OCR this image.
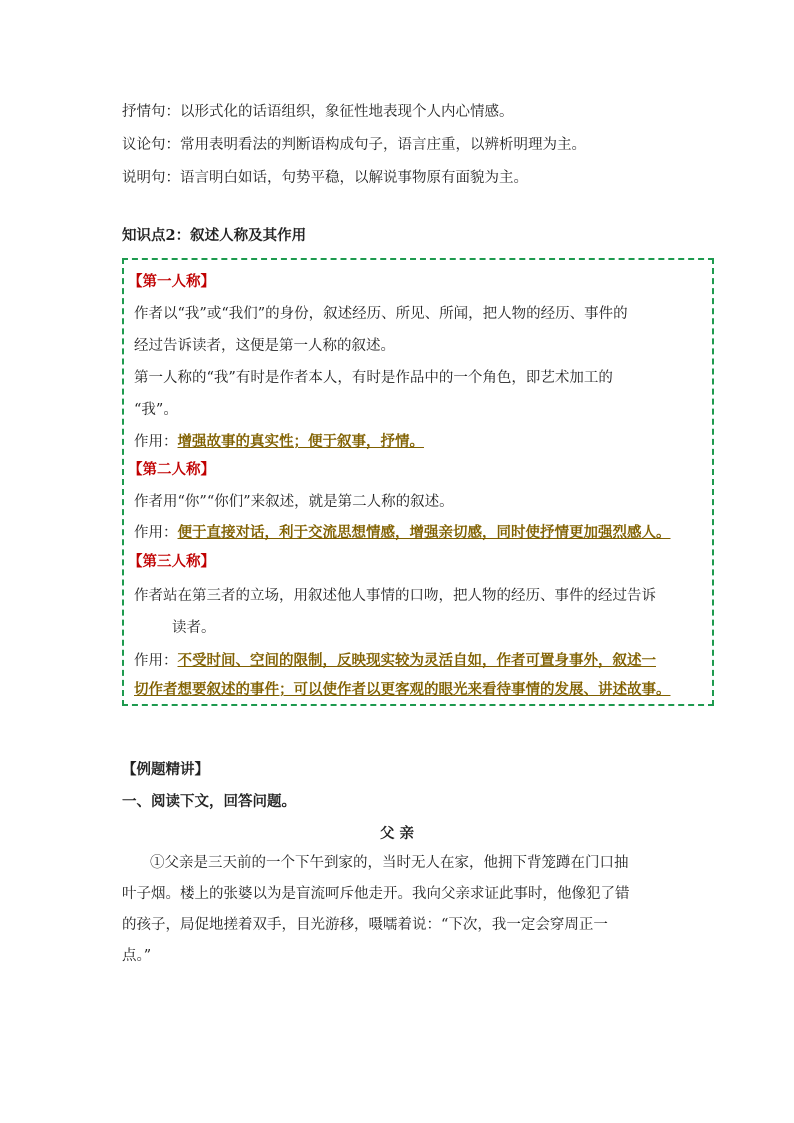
抒情句：以形式化的话语组织，象征性地表现个人内心情感。
议论句：常用表明看法的判断语构成句子，语言庄重，以辨析明理为主。
说明句：语言明白如话，句势平稳，以解说事物原有面貌为主。
知识点2：叙述人称及其作用
【第一人称】
作者以“我”或“我们”的身份，叙述经历、所见、所闻，把人物的经历、事件的
经过告诉读者，这便是第一人称的叙述。
第一人称的“我”有时是作者本人，有时是作品中的一个角色，即艺术加工的
“我”。
作用：增强故事的真实性；便于叙事，抒情。
【第二人称】
作者用“你”“你们”来叙述，就是第二人称的叙述。
作用：便于直接对话，利于交流思想情感，增强亲切感，同时使抒情更加强烈感人。
【第三人称】
作者站在第三者的立场，用叙述他人事情的口吻，把人物的经历、事件的经过告诉
读者。
作用：不受时间、空间的限制，反映现实较为灵活自如，作者可置身事外，叙述一
切作者想要叙述的事件；可以使作者以更客观的眼光来看待事情的发展、讲述故事。
【例题精讲】
一、阅读下文，回答问题。
父 亲
①父亲是三天前的一个下午到家的，当时无人在家，他拥下背笼蹲在门口抽
叶子烟。楼上的张婆以为是盲流呵斥他走开。我向父亲求证此事时，他像犯了错
的孩子，局促地搓着双手，目光游移，嗫嚅着说：“下次，我一定会穿周正一
点。”
